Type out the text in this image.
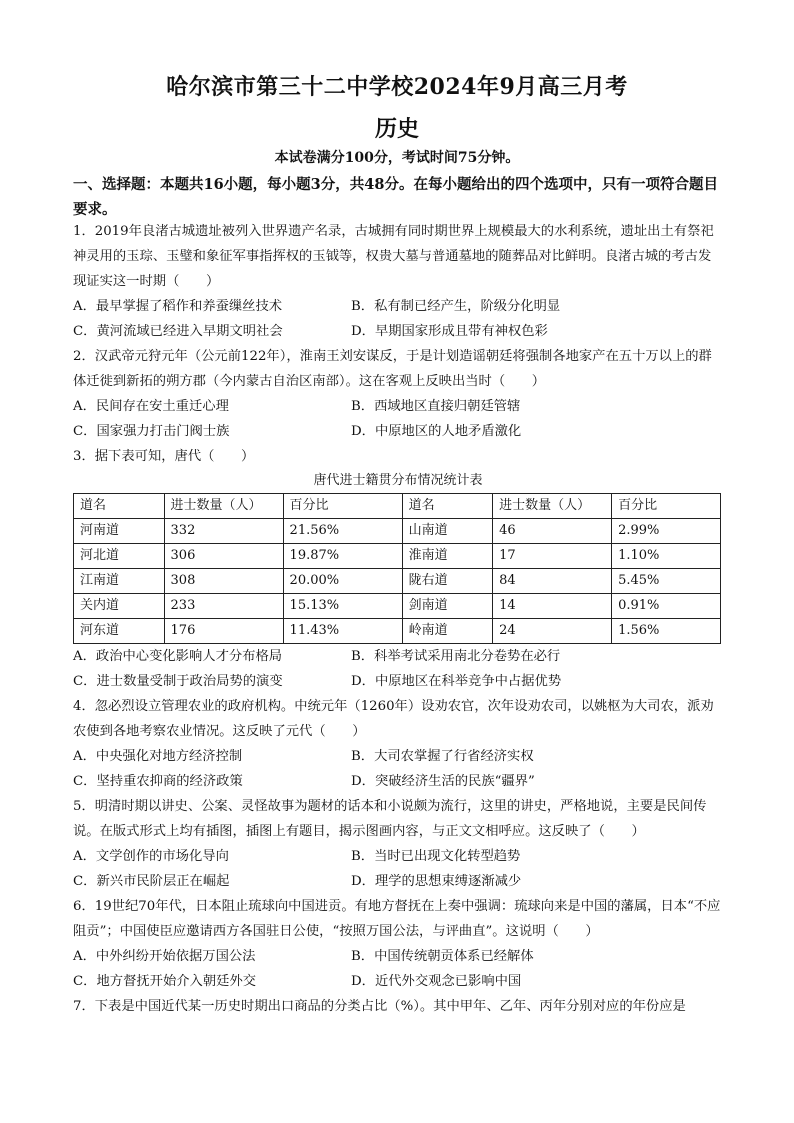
哈尔滨市第三十二中学校2024年9月高三月考
历史
本试卷满分100分，考试时间75分钟。
一、选择题：本题共16小题，每小题3分，共48分。在每小题给出的四个选项中，只有一项符合题目要求。

1．2019年良渚古城遗址被列入世界遗产名录，古城拥有同时期世界上规模最大的水利系统，遗址出土有祭祀神灵用的玉琮、玉璧和象征军事指挥权的玉钺等，权贵大墓与普通墓地的随葬品对比鲜明。良渚古城的考古发现证实这一时期（　　）

A．最早掌握了稻作和养蚕缫丝技术	B．私有制已经产生，阶级分化明显
C．黄河流域已经进入早期文明社会	D．早期国家形成且带有神权色彩

2．汉武帝元狩元年（公元前122年），淮南王刘安谋反，于是计划造谣朝廷将强制各地家产在五十万以上的群体迁徙到新拓的朔方郡（今内蒙古自治区南部）。这在客观上反映出当时（　　）

A．民间存在安土重迁心理	B．西域地区直接归朝廷管辖
C．国家强力打击门阀士族	D．中原地区的人地矛盾激化

3．据下表可知，唐代（　　）

唐代进士籍贯分布情况统计表
道名	进士数量（人）	百分比	道名	进士数量（人）	百分比
河南道	332	21.56%	山南道	46	2.99%
河北道	306	19.87%	淮南道	17	1.10%
江南道	308	20.00%	陇右道	84	5.45%
关内道	233	15.13%	剑南道	14	0.91%
河东道	176	11.43%	岭南道	24	1.56%
A．政治中心变化影响人才分布格局	B．科举考试采用南北分卷势在必行
C．进士数量受制于政治局势的演变	D．中原地区在科举竞争中占据优势

4．忽必烈设立管理农业的政府机构。中统元年（1260年）设劝农官，次年设劝农司，以姚枢为大司农，派劝农使到各地考察农业情况。这反映了元代（　　）

A．中央强化对地方经济控制	B．大司农掌握了行省经济实权
C．坚持重农抑商的经济政策	D．突破经济生活的民族“疆界”

5．明清时期以讲史、公案、灵怪故事为题材的话本和小说颇为流行，这里的讲史，严格地说，主要是民间传说。在版式形式上均有插图，插图上有题目，揭示图画内容，与正文文相呼应。这反映了（　　）

A．文学创作的市场化导向	B．当时已出现文化转型趋势
C．新兴市民阶层正在崛起	D．理学的思想束缚逐渐减少

6．19世纪70年代，日本阻止琉球向中国进贡。有地方督抚在上奏中强调：琉球向来是中国的藩属，日本“不应阻贡”；中国使臣应邀请西方各国驻日公使，“按照万国公法，与评曲直”。这说明（　　）

A．中外纠纷开始依据万国公法	B．中国传统朝贡体系已经解体
C．地方督抚开始介入朝廷外交	D．近代外交观念已影响中国

7．下表是中国近代某一历史时期出口商品的分类占比（%）。其中甲年、乙年、丙年分别对应的年份应是
